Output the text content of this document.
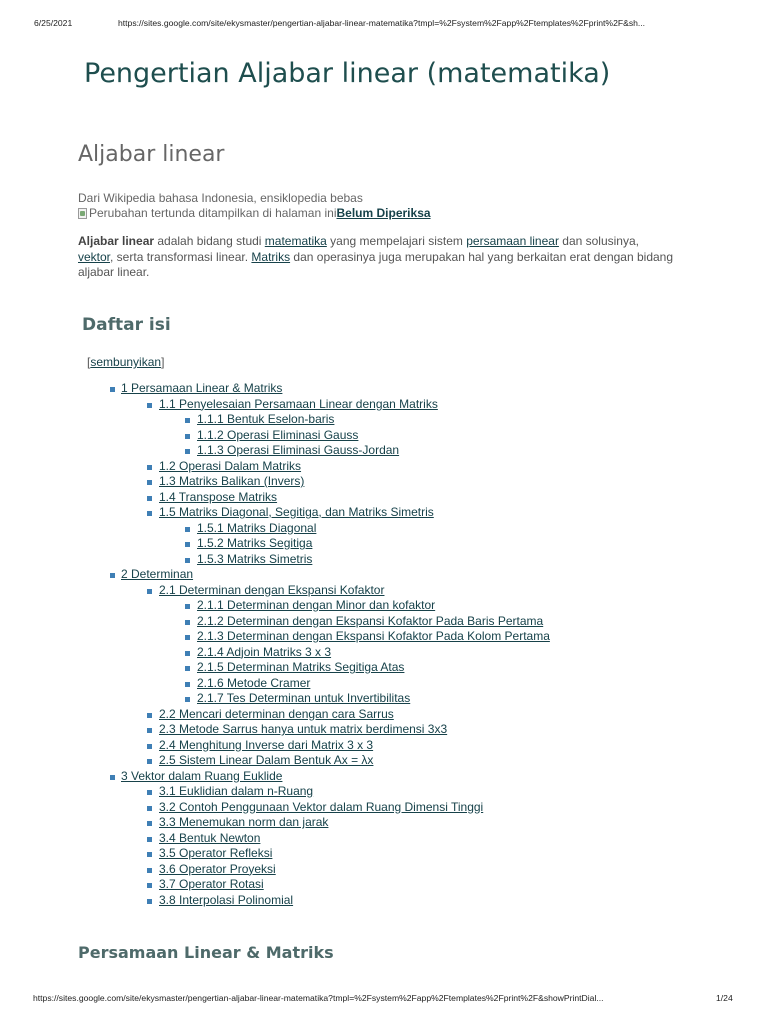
6/25/2021	https://sites.google.com/site/ekysmaster/pengertian-aljabar-linear-matematika?tmpl=%2Fsystem%2Fapp%2Ftemplates%2Fprint%2F&sh...
Pengertian Aljabar linear (matematika)
Aljabar linear
Dari Wikipedia bahasa Indonesia, ensiklopedia bebas
Perubahan tertunda ditampilkan di halaman ini Belum Diperiksa

Aljabar linear adalah bidang studi matematika yang mempelajari sistem persamaan linear dan solusinya,
vektor, serta transformasi linear. Matriks dan operasinya juga merupakan hal yang berkaitan erat dengan bidang aljabar linear.

Daftar isi
[sembunyikan]
1 Persamaan Linear & Matriks
1.1 Penyelesaian Persamaan Linear dengan Matriks
1.1.1 Bentuk Eselon-baris
1.1.2 Operasi Eliminasi Gauss
1.1.3 Operasi Eliminasi Gauss-Jordan
1.2 Operasi Dalam Matriks
1.3 Matriks Balikan (Invers)
1.4 Transpose Matriks
1.5 Matriks Diagonal, Segitiga, dan Matriks Simetris
1.5.1 Matriks Diagonal
1.5.2 Matriks Segitiga
1.5.3 Matriks Simetris
2 Determinan
2.1 Determinan dengan Ekspansi Kofaktor
2.1.1 Determinan dengan Minor dan kofaktor
2.1.2 Determinan dengan Ekspansi Kofaktor Pada Baris Pertama
2.1.3 Determinan dengan Ekspansi Kofaktor Pada Kolom Pertama
2.1.4 Adjoin Matriks 3 x 3
2.1.5 Determinan Matriks Segitiga Atas
2.1.6 Metode Cramer
2.1.7 Tes Determinan untuk Invertibilitas
2.2 Mencari determinan dengan cara Sarrus
2.3 Metode Sarrus hanya untuk matrix berdimensi 3x3
2.4 Menghitung Inverse dari Matrix 3 x 3
2.5 Sistem Linear Dalam Bentuk Ax = λx
3 Vektor dalam Ruang Euklide
3.1 Euklidian dalam n-Ruang
3.2 Contoh Penggunaan Vektor dalam Ruang Dimensi Tinggi
3.3 Menemukan norm dan jarak
3.4 Bentuk Newton
3.5 Operator Refleksi
3.6 Operator Proyeksi
3.7 Operator Rotasi
3.8 Interpolasi Polinomial
Persamaan Linear & Matriks
https://sites.google.com/site/ekysmaster/pengertian-aljabar-linear-matematika?tmpl=%2Fsystem%2Fapp%2Ftemplates%2Fprint%2F&showPrintDial...	1/24
